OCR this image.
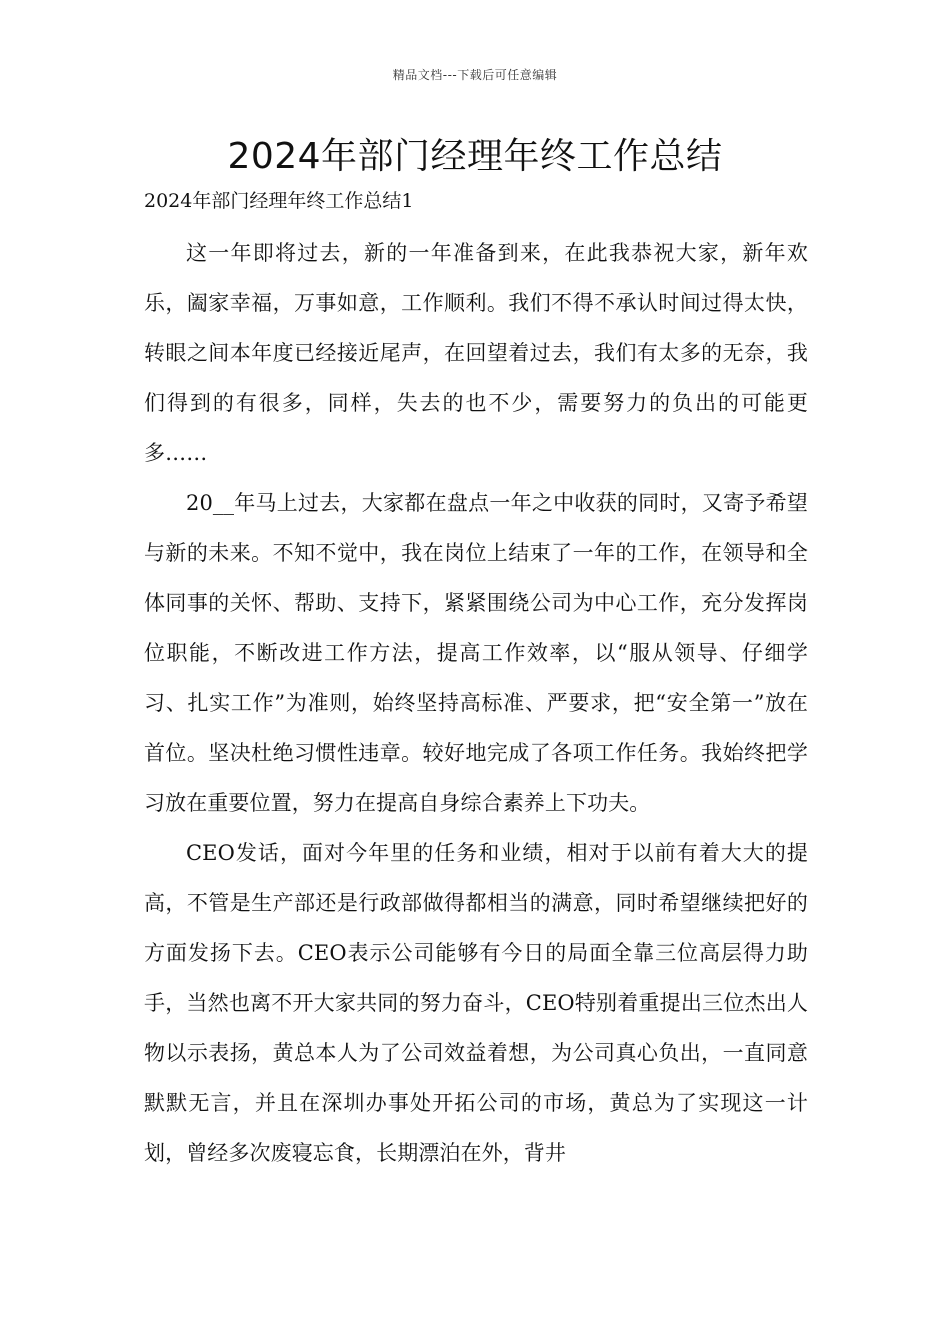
精品文档---下载后可任意编辑
2024年部门经理年终工作总结

2024年部门经理年终工作总结1

这一年即将过去，新的一年准备到来，在此我恭祝大家，新年欢乐，阖家幸福，万事如意，工作顺利。我们不得不承认时间过得太快，转眼之间本年度已经接近尾声，在回望着过去，我们有太多的无奈，我们得到的有很多，同样，失去的也不少，需要努力的负出的可能更多……

20__年马上过去，大家都在盘点一年之中收获的同时，又寄予希望与新的未来。不知不觉中，我在岗位上结束了一年的工作，在领导和全体同事的关怀、帮助、支持下，紧紧围绕公司为中心工作，充分发挥岗位职能，不断改进工作方法，提高工作效率，以“服从领导、仔细学习、扎实工作”为准则，始终坚持高标准、严要求，把“安全第一”放在首位。坚决杜绝习惯性违章。较好地完成了各项工作任务。我始终把学习放在重要位置，努力在提高自身综合素养上下功夫。

CEO发话，面对今年里的任务和业绩，相对于以前有着大大的提高，不管是生产部还是行政部做得都相当的满意，同时希望继续把好的方面发扬下去。CEO表示公司能够有今日的局面全靠三位高层得力助手，当然也离不开大家共同的努力奋斗，CEO特别着重提出三位杰出人物以示表扬，黄总本人为了公司效益着想，为公司真心负出，一直同意默默无言，并且在深圳办事处开拓公司的市场，黄总为了实现这一计划，曾经多次废寝忘食，长期漂泊在外，背井
